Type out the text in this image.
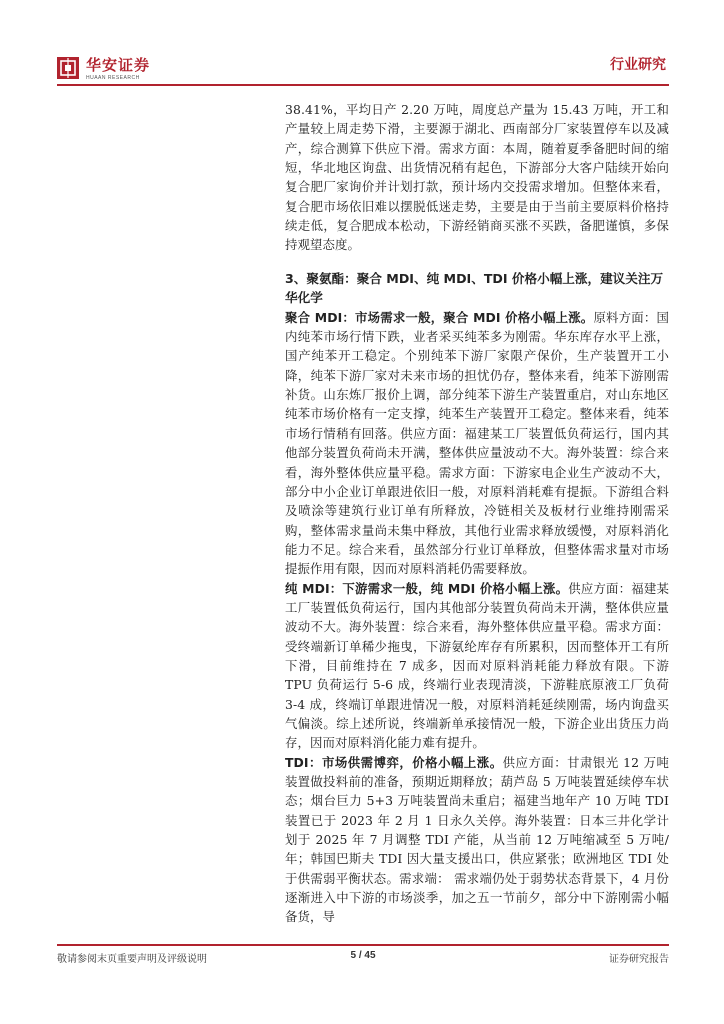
华安证券
HUAAN RESEARCH
行业研究

38.41%，平均日产 2.20 万吨，周度总产量为 15.43 万吨，开工和产量较上周走势下滑，主要源于湖北、西南部分厂家装置停车以及减产，综合测算下供应下滑。需求方面：本周，随着夏季备肥时间的缩短，华北地区询盘、出货情况稍有起色，下游部分大客户陆续开始向复合肥厂家询价并计划打款，预计场内交投需求增加。但整体来看，复合肥市场依旧难以摆脱低迷走势，主要是由于当前主要原料价格持续走低，复合肥成本松动，下游经销商买涨不买跌，备肥谨慎，多保持观望态度。

3、聚氨酯：聚合 MDI、纯 MDI、TDI 价格小幅上涨，建议关注万华化学

聚合 MDI：市场需求一般，聚合 MDI 价格小幅上涨。原料方面：国内纯苯市场行情下跌，业者采买纯苯多为刚需。华东库存水平上涨，国产纯苯开工稳定。个别纯苯下游厂家限产保价，生产装置开工小降，纯苯下游厂家对未来市场的担忧仍存，整体来看，纯苯下游刚需补货。山东炼厂报价上调，部分纯苯下游生产装置重启，对山东地区纯苯市场价格有一定支撑，纯苯生产装置开工稳定。整体来看，纯苯市场行情稍有回落。供应方面：福建某工厂装置低负荷运行，国内其他部分装置负荷尚未开满，整体供应量波动不大。海外装置：综合来看，海外整体供应量平稳。需求方面：下游家电企业生产波动不大，部分中小企业订单跟进依旧一般，对原料消耗难有提振。下游组合料及喷涂等建筑行业订单有所释放，冷链相关及板材行业维持刚需采购，整体需求量尚未集中释放，其他行业需求释放缓慢，对原料消化能力不足。综合来看，虽然部分行业订单释放，但整体需求量对市场提振作用有限，因而对原料消耗仍需要释放。

纯 MDI：下游需求一般，纯 MDI 价格小幅上涨。供应方面：福建某工厂装置低负荷运行，国内其他部分装置负荷尚未开满，整体供应量波动不大。海外装置：综合来看，海外整体供应量平稳。需求方面：受终端新订单稀少拖曳，下游氨纶库存有所累积，因而整体开工有所下滑，目前维持在 7 成多，因而对原料消耗能力释放有限。下游 TPU 负荷运行 5-6 成，终端行业表现清淡，下游鞋底原液工厂负荷 3-4 成，终端订单跟进情况一般，对原料消耗延续刚需，场内询盘买气偏淡。综上述所说，终端新单承接情况一般，下游企业出货压力尚存，因而对原料消化能力难有提升。

TDI：市场供需博弈，价格小幅上涨。供应方面：甘肃银光 12 万吨装置做投料前的准备，预期近期释放；葫芦岛 5 万吨装置延续停车状态；烟台巨力 5+3 万吨装置尚未重启；福建当地年产 10 万吨 TDI 装置已于 2023 年 2 月 1 日永久关停。海外装置：日本三井化学计划于 2025 年 7 月调整 TDI 产能，从当前 12 万吨缩减至 5 万吨/年；韩国巴斯夫 TDI 因大量支援出口，供应紧张；欧洲地区 TDI 处于供需弱平衡状态。需求端： 需求端仍处于弱势状态背景下，4 月份逐渐进入中下游的市场淡季，加之五一节前夕，部分中下游刚需小幅备货，导

敬请参阅末页重要声明及评级说明	5 / 45	证券研究报告
